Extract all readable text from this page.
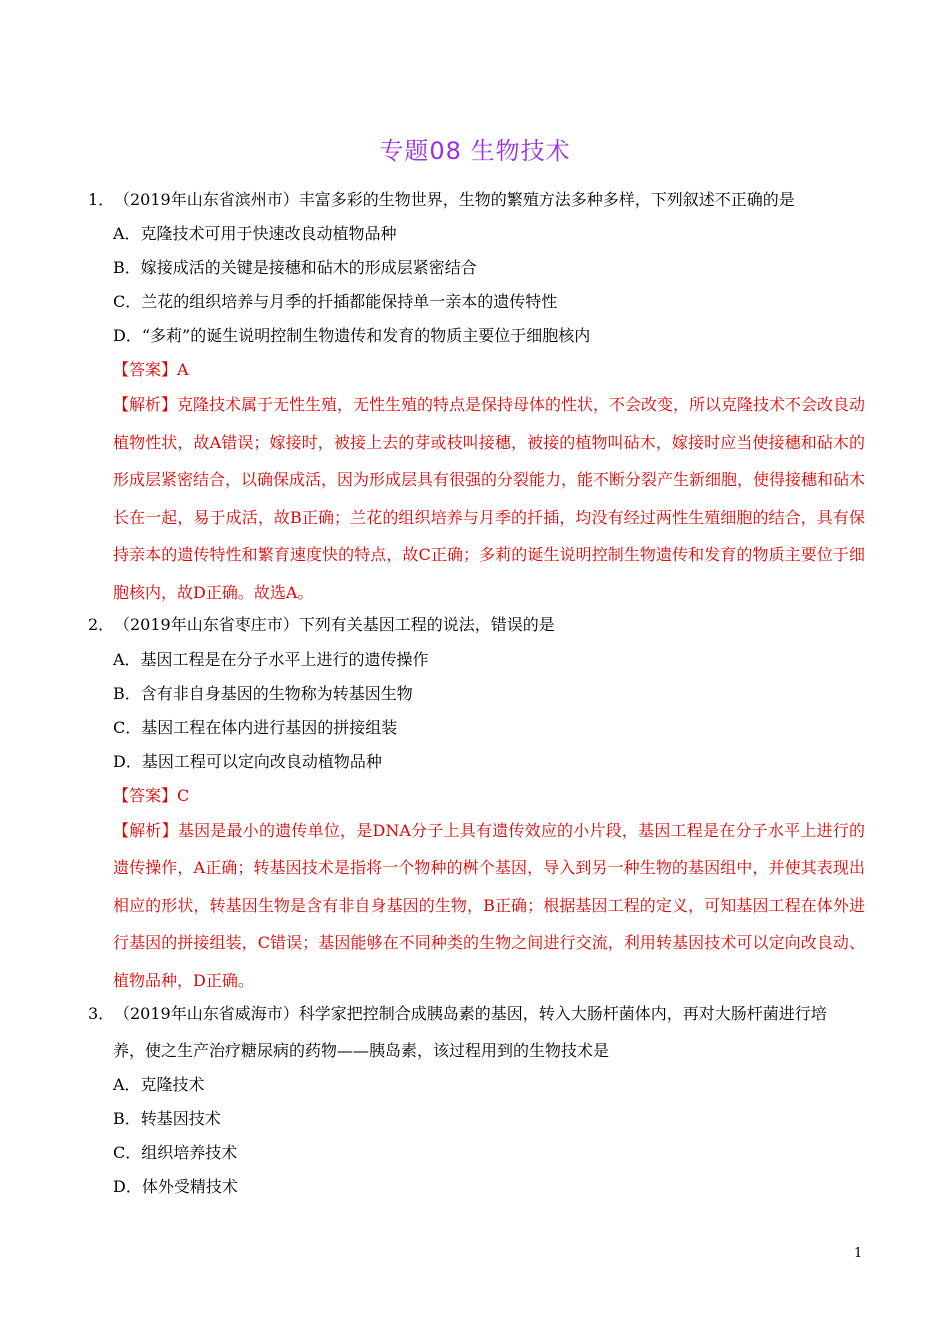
专题08 生物技术
1．（2019年山东省滨州市）丰富多彩的生物世界，生物的繁殖方法多种多样，下列叙述不正确的是
A．克隆技术可用于快速改良动植物品种
B．嫁接成活的关键是接穗和砧木的形成层紧密结合
C．兰花的组织培养与月季的扦插都能保持单一亲本的遗传特性
D．“多莉”的诞生说明控制生物遗传和发育的物质主要位于细胞核内
【答案】A
【解析】克隆技术属于无性生殖，无性生殖的特点是保持母体的性状，不会改变，所以克隆技术不会改良动植物性状，故A错误；嫁接时，被接上去的芽或枝叫接穗，被接的植物叫砧木，嫁接时应当使接穗和砧木的形成层紧密结合，以确保成活，因为形成层具有很强的分裂能力，能不断分裂产生新细胞，使得接穗和砧木长在一起，易于成活，故B正确；兰花的组织培养与月季的扦插，均没有经过两性生殖细胞的结合，具有保持亲本的遗传特性和繁育速度快的特点，故C正确；多莉的诞生说明控制生物遗传和发育的物质主要位于细胞核内，故D正确。故选A。
2．（2019年山东省枣庄市）下列有关基因工程的说法，错误的是
A．基因工程是在分子水平上进行的遗传操作
B．含有非自身基因的生物称为转基因生物
C．基因工程在体内进行基因的拼接组装
D．基因工程可以定向改良动植物品种
【答案】C
【解析】基因是最小的遗传单位，是DNA分子上具有遗传效应的小片段，基因工程是在分子水平上进行的遗传操作，A正确；转基因技术是指将一个物种的桝个基因，导入到另一种生物的基因组中，并使其表现出相应的形状，转基因生物是含有非自身基因的生物，B正确；根据基因工程的定义，可知基因工程在体外进行基因的拼接组装，C错误；基因能够在不同种类的生物之间进行交流，利用转基因技术可以定向改良动、植物品种，D正确。
3．（2019年山东省威海市）科学家把控制合成胰岛素的基因，转入大肠杆菌体内，再对大肠杆菌进行培
养，使之生产治疗糖尿病的药物——胰岛素，该过程用到的生物技术是
A．克隆技术
B．转基因技术
C．组织培养技术
D．体外受精技术
1
